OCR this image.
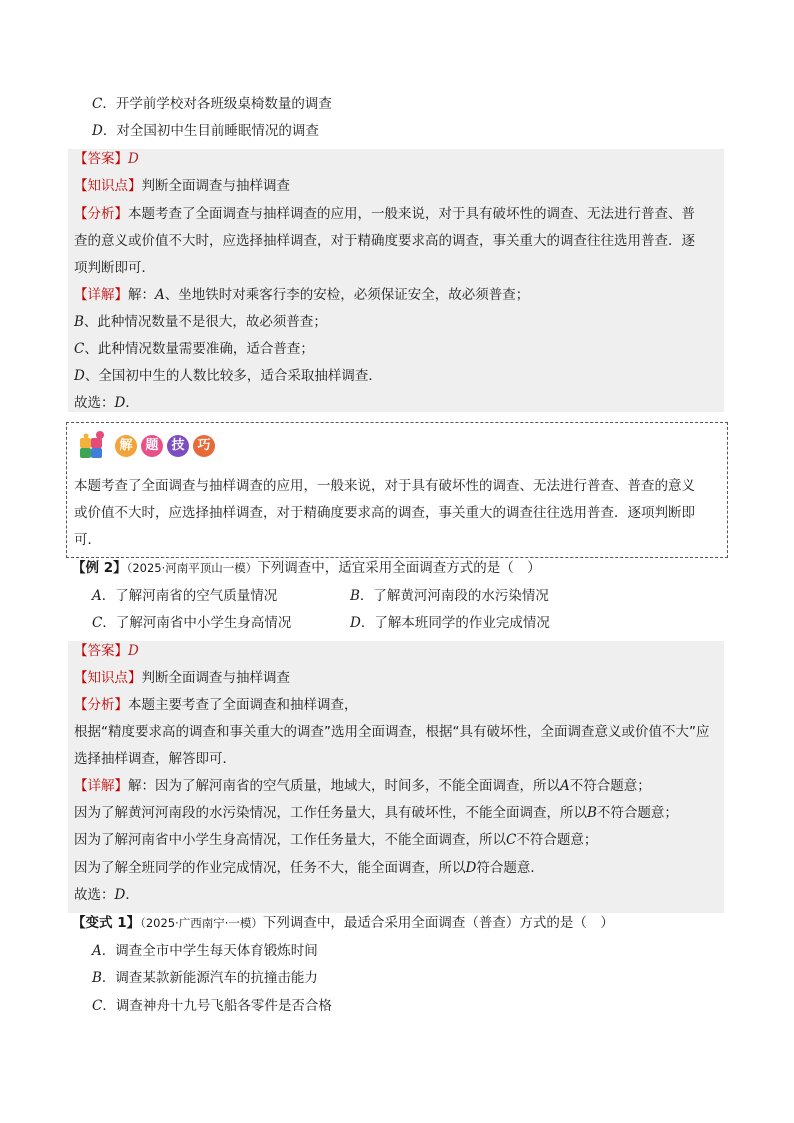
C．开学前学校对各班级桌椅数量的调查
D．对全国初中生目前睡眠情况的调查
【答案】D
【知识点】判断全面调查与抽样调查
【分析】本题考查了全面调查与抽样调查的应用，一般来说，对于具有破坏性的调查、无法进行普查、普
查的意义或价值不大时，应选择抽样调查，对于精确度要求高的调查，事关重大的调查往往选用普查．逐
项判断即可．
【详解】解：A、坐地铁时对乘客行李的安检，必须保证安全，故必须普查；
B、此种情况数量不是很大，故必须普查；
C、此种情况数量需要准确，适合普查；
D、全国初中生的人数比较多，适合采取抽样调查．
故选：D．
解 题 技 巧
本题考查了全面调查与抽样调查的应用，一般来说，对于具有破坏性的调查、无法进行普查、普查的意义
或价值不大时，应选择抽样调查，对于精确度要求高的调查，事关重大的调查往往选用普查．逐项判断即
可．
【例 2】（2025·河南平顶山一模）下列调查中，适宜采用全面调查方式的是（　）
A．了解河南省的空气质量情况	B．了解黄河河南段的水污染情况
C．了解河南省中小学生身高情况	D．了解本班同学的作业完成情况
【答案】D
【知识点】判断全面调查与抽样调查
【分析】本题主要考查了全面调查和抽样调查，
根据“精度要求高的调查和事关重大的调查”选用全面调查，根据“具有破坏性，全面调查意义或价值不大”应
选择抽样调查，解答即可．
【详解】解：因为了解河南省的空气质量，地域大，时间多，不能全面调查，所以A不符合题意；
因为了解黄河河南段的水污染情况，工作任务量大，具有破坏性，不能全面调查，所以B不符合题意；
因为了解河南省中小学生身高情况，工作任务量大，不能全面调查，所以C不符合题意；
因为了解全班同学的作业完成情况，任务不大，能全面调查，所以D符合题意．
故选：D．
【变式 1】（2025·广西南宁·一模）下列调查中，最适合采用全面调查（普查）方式的是（　）
A．调查全市中学生每天体育锻炼时间
B．调查某款新能源汽车的抗撞击能力
C．调查神舟十九号飞船各零件是否合格
